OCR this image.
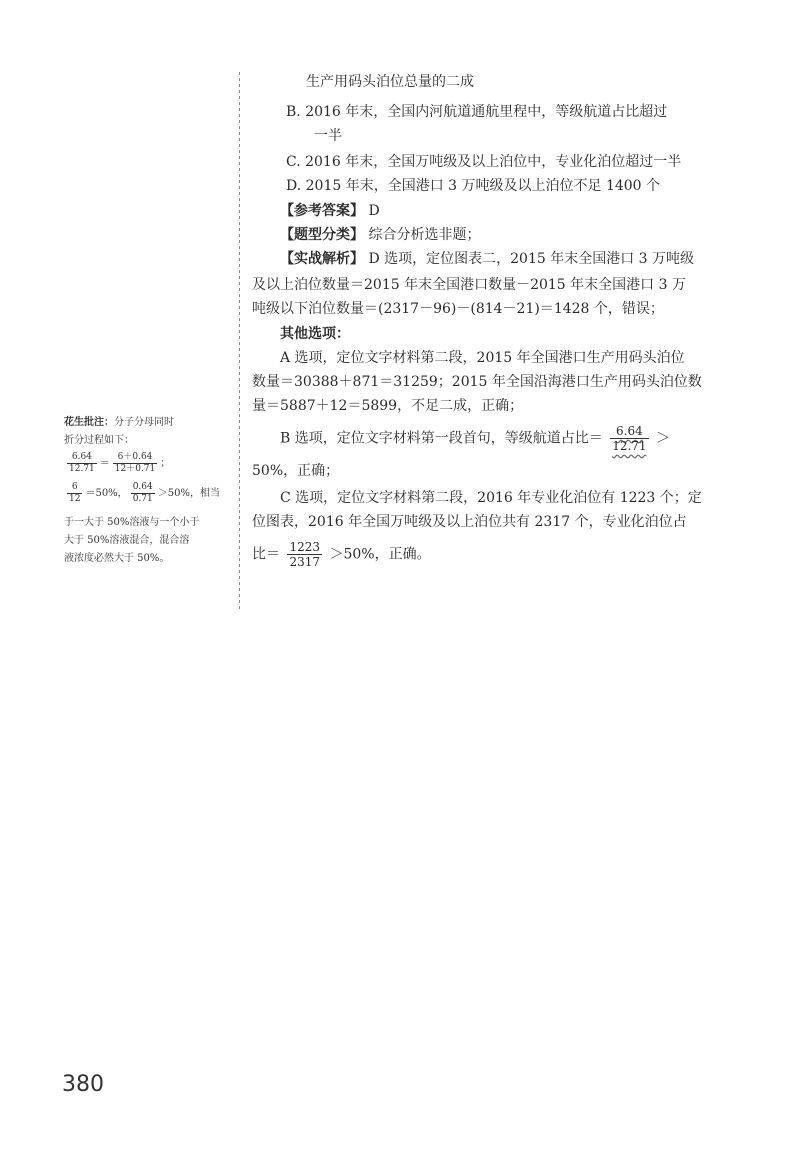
生产用码头泊位总量的二成
B. 2016 年末，全国内河航道通航里程中，等级航道占比超过
一半
C. 2016 年末，全国万吨级及以上泊位中，专业化泊位超过一半
D. 2015 年末，全国港口 3 万吨级及以上泊位不足 1400 个
【参考答案】 D
【题型分类】 综合分析选非题；
【实战解析】 D 选项，定位图表二，2015 年末全国港口 3 万吨级
及以上泊位数量＝2015 年末全国港口数量－2015 年末全国港口 3 万
吨级以下泊位数量＝(2317－96)－(814－21)＝1428 个，错误；
其他选项：
A 选项，定位文字材料第二段，2015 年全国港口生产用码头泊位
数量＝30388＋871＝31259；2015 年全国沿海港口生产用码头泊位数
量＝5887＋12＝5899，不足二成，正确；
B 选项，定位文字材料第一段首句，等级航道占比＝ $\frac{6.64}{12.71}$ ＞
50%，正确；
C 选项，定位文字材料第二段，2016 年专业化泊位有 1223 个；定
位图表，2016 年全国万吨级及以上泊位共有 2317 个，专业化泊位占
比＝ $\frac{1223}{2317} >50\%$，正确。
花生批注：分子分母同时
折分过程如下：
$\frac{6.64}{12.71} = \frac{6+0.64}{12+0.71}$ ；
$\frac{6}{12} =50\%$， $\frac{0.64}{0.71} >50\%$，相当
于一大于 50%溶液与一个小于
大于 50%溶液混合，混合溶
液浓度必然大于 50%。
380
